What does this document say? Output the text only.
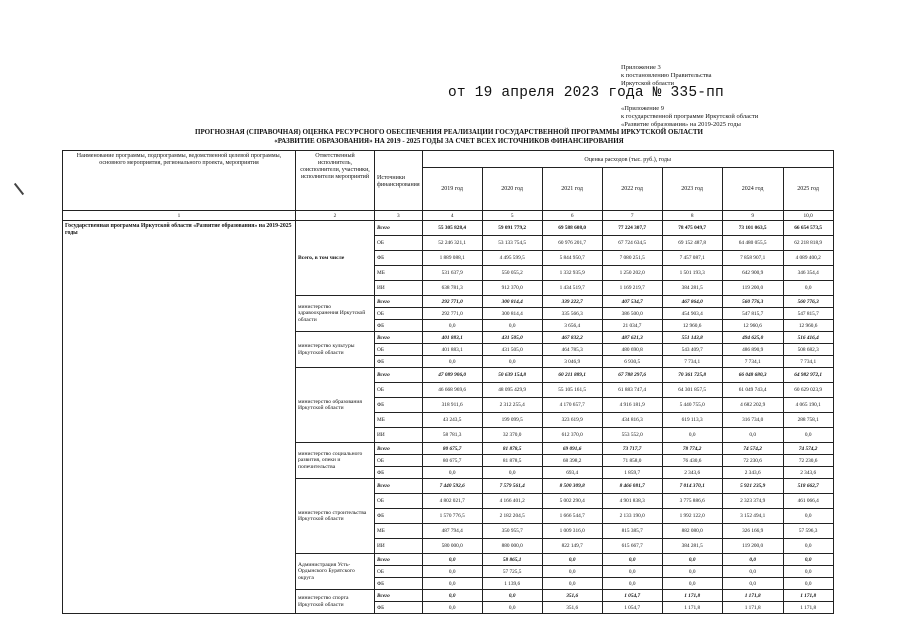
Приложение 3
к постановлению Правительства
Иркутской области
«Приложение 9
к государственной программе Иркутской области
«Развитие образования» на 2019-2025 годы
от 19 апреля 2023 года № 335-пп
ПРОГНОЗНАЯ (СПРАВОЧНАЯ) ОЦЕНКА РЕСУРСНОГО ОБЕСПЕЧЕНИЯ РЕАЛИЗАЦИИ ГОСУДАРСТВЕННОЙ ПРОГРАММЫ ИРКУТСКОЙ ОБЛАСТИ
«РАЗВИТИЕ ОБРАЗОВАНИЯ» НА 2019 - 2025 ГОДЫ ЗА СЧЕТ ВСЕХ ИСТОЧНИКОВ ФИНАНСИРОВАНИЯ
Наименование программы, подпрограммы, ведомственной целевой программы, основного мероприятия, регионального проекта, мероприятия	Ответственный исполнитель, соисполнители, участники, исполнители мероприятий	Источники финансирования	Оценка расходов (тыс. руб.), годы						
			2019 год	2020 год	2021 год	2022 год	2023 год	2024 год	2025 год
1	2	3	4	5	6	7	8	9	10,0
Государственная программа Иркутской области «Развитие образования» на 2019-2025 годы	Всего, в том числе	Всего	55 305 828,4	59 091 779,2	69 588 608,0	77 224 307,7	78 475 049,7	73 101 063,5	66 654 573,5
		ОБ	52 246 321,1	53 133 754,5	60 976 201,7	67 724 634,5	69 152 487,8	64 480 055,5	62 218 818,9
		ФБ	1 889 088,1	4 495 599,5	5 844 950,7	7 080 251,5	7 457 087,1	7 858 907,1	4 089 400,2
		МБ	531 637,9	550 055,2	1 332 935,9	1 250 202,0	1 501 193,3	642 900,9	346 354,4
		ИИ	638 781,3	912 370,0	1 434 519,7	1 169 219,7	384 281,5	119 200,0	0,0
	министерство здравоохранения Иркутской области	Всего	292 771,0	300 814,4	339 222,7	407 534,7	467 864,0	560 776,3	560 776,3
		ОБ	292 771,0	300 814,4	335 566,3	386 500,0	454 903,4	547 815,7	547 815,7
		ФБ	0,0	0,0	3 656,4	21 034,7	12 960,6	12 960,6	12 960,6
	министерство культуры Иркутской области	Всего	401 883,1	431 505,0	467 832,2	487 621,3	551 143,8	494 625,0	516 416,4
		ОБ	401 883,1	431 505,0	464 785,3	480 690,8	543 409,7	486 890,9	508 682,3
		ФБ	0,0	0,0	3 046,9	6 930,5	7 734,1	7 734,1	7 734,1
	министерство образования Иркутской области	Всего	47 089 906,0	50 639 154,8	60 211 889,1	67 788 297,6	70 361 725,8	66 048 680,3	64 982 972,1
		ОБ	46 668 969,6	48 095 429,9	55 105 161,5	61 883 747,4	64 301 857,5	61 049 743,4	60 629 023,9
		ФБ	318 911,6	2 312 255,4	4 170 657,7	4 916 181,9	5 440 755,0	4 682 202,9	4 065 190,1
		МБ	43 243,5	199 099,5	323 619,9	434 816,3	619 113,3	316 734,0	288 758,1
		ИИ	58 781,3	32 370,0	612 370,0	553 552,0	0,0	0,0	0,0
	министерство социального развития, опеки и попечительства	Всего	80 675,7	81 878,5	69 091,6	73 717,7	78 774,2	74 574,2	74 574,2
		ОБ	80 675,7	81 878,5	68 398,2	71 858,0	76 430,6	72 230,6	72 230,6
		ФБ	0,0	0,0	693,4	1 859,7	2 343,6	2 343,6	2 343,6
	министерство строительства Иркутской области	Всего	7 440 592,6	7 579 561,4	8 500 309,8	8 466 081,7	7 014 370,1	5 921 235,9	518 662,7
		ОБ	4 802 021,7	4 166 401,2	5 002 290,4	4 901 838,3	3 775 886,6	2 323 374,9	461 066,4
		ФБ	1 570 776,5	2 182 204,5	1 666 544,7	2 133 190,0	1 992 122,0	3 152 494,1	0,0
		МБ	487 794,4	350 955,7	1 009 316,0	815 385,7	882 080,0	326 166,9	57 596,3
		ИИ	580 000,0	880 000,0	822 149,7	615 667,7	384 281,5	119 200,0	0,0
	Администрация Усть-Ордынского Бурятского округа	Всего	0,0	58 865,1	0,0	0,0	0,0	0,0	0,0
		ОБ	0,0	57 725,5	0,0	0,0	0,0	0,0	0,0
		ФБ	0,0	1 139,6	0,0	0,0	0,0	0,0	0,0
	министерство спорта Иркутской области	Всего	0,0	0,0	351,6	1 054,7	1 171,8	1 171,8	1 171,8
		ФБ	0,0	0,0	351,6	1 054,7	1 171,8	1 171,8	1 171,8
